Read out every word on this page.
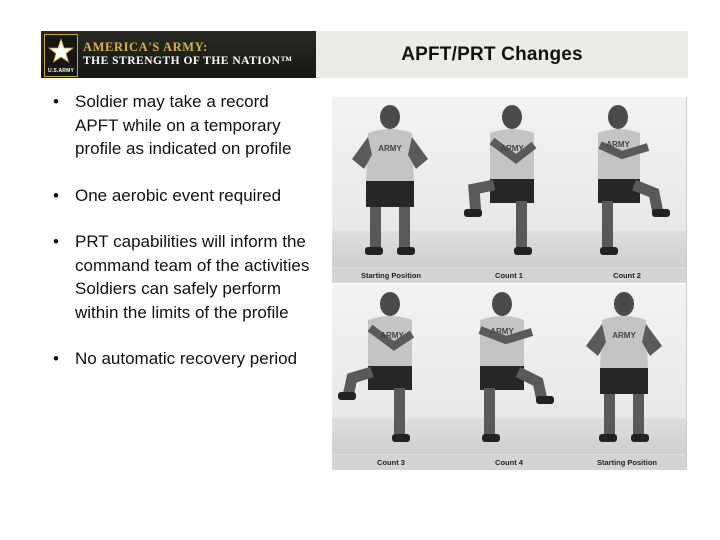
U.S.ARMY
AMERICA'S ARMY:
THE STRENGTH OF THE NATION™	APFT/PRT Changes
• Soldier may take a record APFT while on a temporary profile as indicated on profile
• One aerobic event required
• PRT capabilities will inform the command team of the activities Soldiers can safely perform within the limits of the profile
• No automatic recovery period
ARMY
Starting Position
ARMY
Count 1
ARMY
Count 2
ARMY
Count 3
ARMY
Count 4
ARMY
Starting Position
